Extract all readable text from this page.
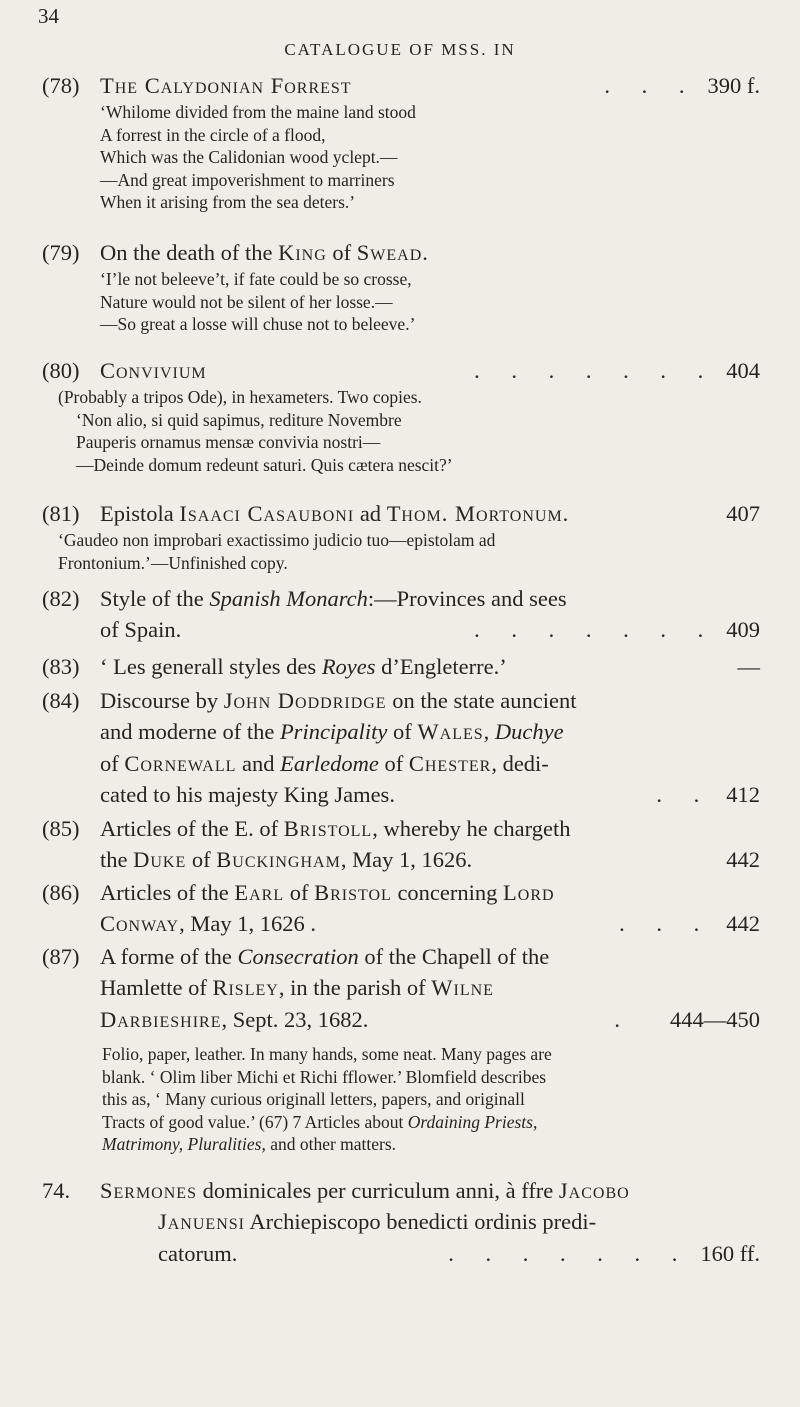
34
CATALOGUE OF MSS. IN
(78) The Calydonian Forrest	. . . 390 f.
‘Whilome divided from the maine land stood
A forrest in the circle of a flood,
Which was the Calidonian wood yclept.—
—And great impoverishment to marriners
When it arising from the sea deters.’
(79) On the death of the King of Swead.
‘I’le not beleeve’t, if fate could be so crosse,
Nature would not be silent of her losse.—
—So great a losse will chuse not to beleeve.’
(80) Convivium	. . . . . . . 404
(Probably a tripos Ode), in hexameters. Two copies.
‘Non alio, si quid sapimus, rediture Novembre
Pauperis ornamus mensæ convivia nostri—
—Deinde domum redeunt saturi. Quis cætera nescit?’
(81) Epistola Isaaci Casauboni ad Thom. Mortonum.	407
‘Gaudeo non improbari exactissimo judicio tuo—epistolam ad
Frontonium.’—Unfinished copy.
(82) Style of the Spanish Monarch:—Provinces and sees
of Spain.	. . . . . . . 409
(83) ‘ Les generall styles des Royes d’Engleterre.’	—
(84) Discourse by John Doddridge on the state auncient
and moderne of the Principality of Wales, Duchye
of Cornewall and Earledome of Chester, dedi-
cated to his majesty King James.	. . 412
(85) Articles of the E. of Bristoll, whereby he chargeth
the Duke of Buckingham, May 1, 1626.	442
(86) Articles of the Earl of Bristol concerning Lord
Conway, May 1, 1626 .	. . . 442
(87) A forme of the Consecration of the Chapell of the
Hamlette of Risley, in the parish of Wilne
Darbieshire, Sept. 23, 1682.	. 444—450
Folio, paper, leather. In many hands, some neat. Many pages are
blank. ‘ Olim liber Michi et Richi fflower.’ Blomfield describes
this as, ‘ Many curious originall letters, papers, and originall
Tracts of good value.’ (67) 7 Articles about Ordaining Priests,
Matrimony, Pluralities, and other matters.
74.	Sermones dominicales per curriculum anni, à ffre Jacobo
Januensi Archiepiscopo benedicti ordinis predi-
catorum.	. . . . . . . 160 ff.
